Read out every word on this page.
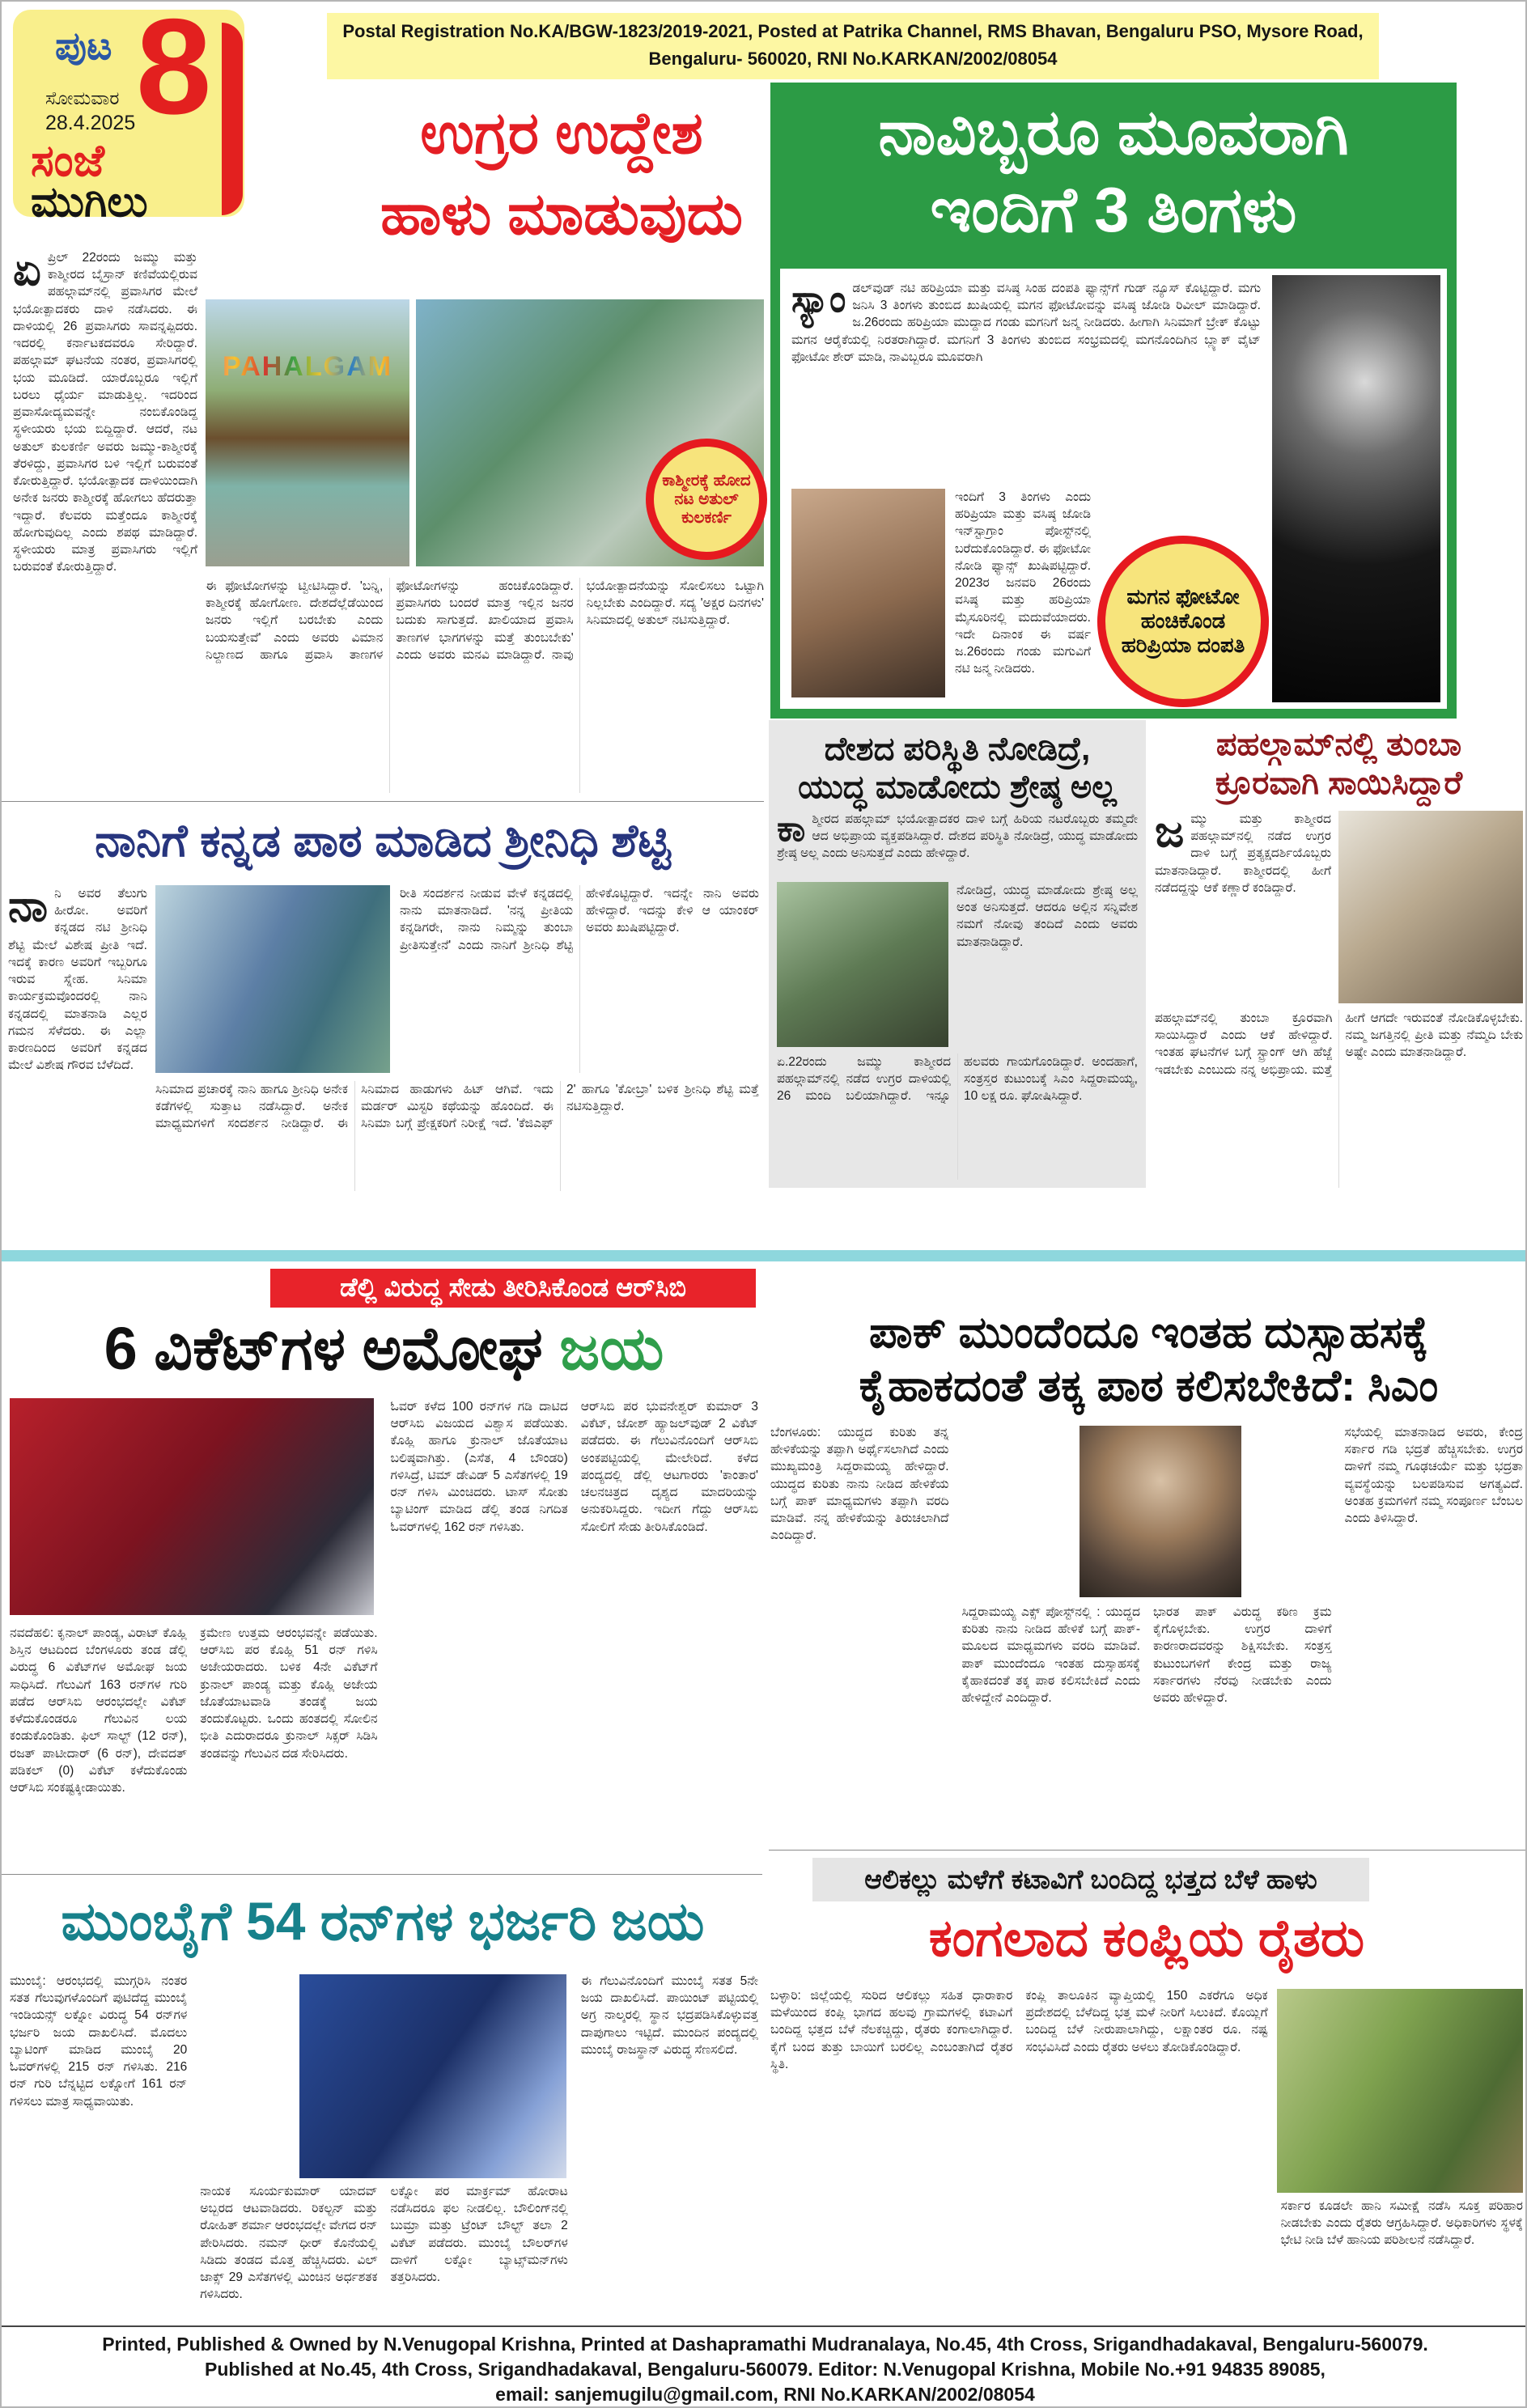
ಪುಟ 8
ಸೋಮವಾರ
28.4.2025
ಸಂಜೆ
ಮುಗಿಲು
Postal Registration No.KA/BGW-1823/2019-2021, Posted at Patrika Channel, RMS Bhavan, Bengaluru PSO, Mysore Road,
Bengaluru- 560020, RNI No.KARKAN/2002/08054
ಉಗ್ರರ ಉದ್ದೇಶ
ಹಾಳು ಮಾಡುವುದು
ಏ ಪ್ರಿಲ್ 22ರಂದು ಜಮ್ಮು ಮತ್ತು ಕಾಶ್ಮೀರದ ಬೈಸ್ರಾನ್ ಕಣಿವೆಯಲ್ಲಿರುವ ಪಹಲ್ಗಾಮ್‌ನಲ್ಲಿ ಪ್ರವಾಸಿಗರ ಮೇಲೆ ಭಯೋತ್ಪಾದಕರು ದಾಳಿ ನಡೆಸಿದರು. ಈ ದಾಳಿಯಲ್ಲಿ 26 ಪ್ರವಾಸಿಗರು ಸಾವನ್ನಪ್ಪಿದರು. ಇದರಲ್ಲಿ ಕರ್ನಾಟಕದವರೂ ಸೇರಿದ್ದಾರೆ. ಪಹಲ್ಗಾಮ್ ಘಟನೆಯ ನಂತರ, ಪ್ರವಾಸಿಗರಲ್ಲಿ ಭಯ ಮೂಡಿದೆ. ಯಾರೊಬ್ಬರೂ ಇಲ್ಲಿಗೆ ಬರಲು ಧೈರ್ಯ ಮಾಡುತ್ತಿಲ್ಲ. ಇದರಿಂದ ಪ್ರವಾಸೋದ್ಯಮವನ್ನೇ ನಂಬಿಕೊಂಡಿದ್ದ ಸ್ಥಳೀಯರು ಭಯ ಬಿದ್ದಿದ್ದಾರೆ. ಆದರೆ, ನಟ ಅತುಲ್ ಕುಲಕರ್ಣಿ ಅವರು ಜಮ್ಮು-ಕಾಶ್ಮೀರಕ್ಕೆ ತೆರಳಿದ್ದು, ಪ್ರವಾಸಿಗರ ಬಳಿ ಇಲ್ಲಿಗೆ ಬರುವಂತೆ ಕೋರುತ್ತಿದ್ದಾರೆ. ಭಯೋತ್ಪಾದಕ ದಾಳಿಯಿಂದಾಗಿ ಅನೇಕ ಜನರು ಕಾಶ್ಮೀರಕ್ಕೆ ಹೋಗಲು ಹೆದರುತ್ತಾ ಇದ್ದಾರೆ. ಕೆಲವರು ಮತ್ತೆಂದೂ ಕಾಶ್ಮೀರಕ್ಕೆ ಹೋಗುವುದಿಲ್ಲ ಎಂದು ಶಪಥ ಮಾಡಿದ್ದಾರೆ. ಸ್ಥಳೀಯರು ಮಾತ್ರ ಪ್ರವಾಸಿಗರು ಇಲ್ಲಿಗೆ ಬರುವಂತೆ ಕೋರುತ್ತಿದ್ದಾರೆ.
PAHALGAM
ಕಾಶ್ಮೀರಕ್ಕೆ ಹೋದ ನಟ ಅತುಲ್ ಕುಲಕರ್ಣಿ
ಈ ಫೋಟೋಗಳನ್ನು ಟ್ವೀಟಿಸಿದ್ದಾರೆ. 'ಬನ್ನಿ, ಕಾಶ್ಮೀರಕ್ಕೆ ಹೋಗೋಣ. ದೇಶದೆಲ್ಲೆಡೆಯಿಂದ ಜನರು ಇಲ್ಲಿಗೆ ಬರಬೇಕು ಎಂದು ಬಯಸುತ್ತೇವೆ' ಎಂದು ಅವರು ವಿಮಾನ ನಿಲ್ದಾಣದ ಹಾಗೂ ಪ್ರವಾಸಿ ತಾಣಗಳ ಫೋಟೋಗಳನ್ನು ಹಂಚಿಕೊಂಡಿದ್ದಾರೆ. ಪ್ರವಾಸಿಗರು ಬಂದರೆ ಮಾತ್ರ ಇಲ್ಲಿನ ಜನರ ಬದುಕು ಸಾಗುತ್ತದೆ. ಖಾಲಿಯಾದ ಪ್ರವಾಸಿ ತಾಣಗಳ ಭಾಗಗಳನ್ನು ಮತ್ತೆ ತುಂಬಬೇಕು' ಎಂದು ಅವರು ಮನವಿ ಮಾಡಿದ್ದಾರೆ. ನಾವು ಭಯೋತ್ಪಾದನೆಯನ್ನು ಸೋಲಿಸಲು ಒಟ್ಟಾಗಿ ನಿಲ್ಲಬೇಕು ಎಂದಿದ್ದಾರೆ. ಸದ್ಯ 'ಅಕ್ಷರ ದಿನಗಳು' ಸಿನಿಮಾದಲ್ಲಿ ಅತುಲ್ ನಟಿಸುತ್ತಿದ್ದಾರೆ.
ನಾವಿಬ್ಬರೂ ಮೂವರಾಗಿ
ಇಂದಿಗೆ 3 ತಿಂಗಳು
ಸ್ಯಾಂ ಡಲ್‌ವುಡ್ ನಟಿ ಹರಿಪ್ರಿಯಾ ಮತ್ತು ವಸಿಷ್ಠ ಸಿಂಹ ದಂಪತಿ ಫ್ಯಾನ್ಸ್‌ಗೆ ಗುಡ್ ನ್ಯೂಸ್ ಕೊಟ್ಟಿದ್ದಾರೆ. ಮಗು ಜನಿಸಿ 3 ತಿಂಗಳು ತುಂಬಿದ ಖುಷಿಯಲ್ಲಿ ಮಗನ ಫೋಟೋವನ್ನು ವಸಿಷ್ಠ ಜೋಡಿ ರಿವೀಲ್ ಮಾಡಿದ್ದಾರೆ. ಜ.26ರಂದು ಹರಿಪ್ರಿಯಾ ಮುದ್ದಾದ ಗಂಡು ಮಗನಿಗೆ ಜನ್ಮ ನೀಡಿದರು. ಹೀಗಾಗಿ ಸಿನಿಮಾಗೆ ಬ್ರೇಕ್ ಕೊಟ್ಟು ಮಗನ ಆರೈಕೆಯಲ್ಲಿ ನಿರತರಾಗಿದ್ದಾರೆ. ಮಗನಿಗೆ 3 ತಿಂಗಳು ತುಂಬಿದ ಸಂಭ್ರಮದಲ್ಲಿ ಮಗನೊಂದಿಗಿನ ಬ್ಲ್ಯಾಕ್ ವೈಟ್ ಫೋಟೋ ಶೇರ್ ಮಾಡಿ, ನಾವಿಬ್ಬರೂ ಮೂವರಾಗಿ
ಇಂದಿಗೆ 3 ತಿಂಗಳು ಎಂದು ಹರಿಪ್ರಿಯಾ ಮತ್ತು ವಸಿಷ್ಠ ಜೋಡಿ ಇನ್‌ಸ್ಟಾಗ್ರಾಂ ಪೋಸ್ಟ್‌ನಲ್ಲಿ ಬರೆದುಕೊಂಡಿದ್ದಾರೆ. ಈ ಫೋಟೋ ನೋಡಿ ಫ್ಯಾನ್ಸ್ ಖುಷಿಪಟ್ಟಿದ್ದಾರೆ. 2023ರ ಜನವರಿ 26ರಂದು ವಸಿಷ್ಠ ಮತ್ತು ಹರಿಪ್ರಿಯಾ ಮೈಸೂರಿನಲ್ಲಿ ಮದುವೆಯಾದರು. ಇದೇ ದಿನಾಂಕ ಈ ವರ್ಷ ಜ.26ರಂದು ಗಂಡು ಮಗುವಿಗೆ ನಟಿ ಜನ್ಮ ನೀಡಿದರು.
ಮಗನ ಫೋಟೋ ಹಂಚಿಕೊಂಡ ಹರಿಪ್ರಿಯಾ ದಂಪತಿ
ನಾನಿಗೆ ಕನ್ನಡ ಪಾಠ ಮಾಡಿದ ಶ್ರೀನಿಧಿ ಶೆಟ್ಟಿ
ನಾ ನಿ ಅವರ ತೆಲುಗು ಹೀರೋ. ಅವರಿಗೆ ಕನ್ನಡದ ನಟಿ ಶ್ರೀನಿಧಿ ಶೆಟ್ಟಿ ಮೇಲೆ ವಿಶೇಷ ಪ್ರೀತಿ ಇದೆ. ಇದಕ್ಕೆ ಕಾರಣ ಅವರಿಗೆ ಇಬ್ಬರಿಗೂ ಇರುವ ಸ್ನೇಹ. ಸಿನಿಮಾ ಕಾರ್ಯಕ್ರಮವೊಂದರಲ್ಲಿ ನಾನಿ ಕನ್ನಡದಲ್ಲಿ ಮಾತನಾಡಿ ಎಲ್ಲರ ಗಮನ ಸೆಳೆದರು. ಈ ಎಲ್ಲಾ ಕಾರಣದಿಂದ ಅವರಿಗೆ ಕನ್ನಡದ ಮೇಲೆ ವಿಶೇಷ ಗೌರವ ಬೆಳೆದಿದೆ.
ರೀತಿ ಸಂದರ್ಶನ ನೀಡುವ ವೇಳೆ ಕನ್ನಡದಲ್ಲಿ ನಾನು ಮಾತನಾಡಿದೆ. 'ನನ್ನ ಪ್ರೀತಿಯ ಕನ್ನಡಿಗರೇ, ನಾನು ನಿಮ್ಮನ್ನು ತುಂಬಾ ಪ್ರೀತಿಸುತ್ತೇನೆ' ಎಂದು ನಾನಿಗೆ ಶ್ರೀನಿಧಿ ಶೆಟ್ಟಿ ಹೇಳಿಕೊಟ್ಟಿದ್ದಾರೆ. ಇದನ್ನೇ ನಾನಿ ಅವರು ಹೇಳಿದ್ದಾರೆ. ಇದನ್ನು ಕೇಳಿ ಆ ಯಾಂಕರ್ ಅವರು ಖುಷಿಪಟ್ಟಿದ್ದಾರೆ.
ಸಿನಿಮಾದ ಪ್ರಚಾರಕ್ಕೆ ನಾನಿ ಹಾಗೂ ಶ್ರೀನಿಧಿ ಅನೇಕ ಕಡೆಗಳಲ್ಲಿ ಸುತ್ತಾಟ ನಡೆಸಿದ್ದಾರೆ. ಅನೇಕ ಮಾಧ್ಯಮಗಳಿಗೆ ಸಂದರ್ಶನ ನೀಡಿದ್ದಾರೆ. ಈ ಸಿನಿಮಾದ ಹಾಡುಗಳು ಹಿಟ್ ಆಗಿವೆ. ಇದು ಮರ್ಡರ್ ಮಿಸ್ಟರಿ ಕಥೆಯನ್ನು ಹೊಂದಿದೆ. ಈ ಸಿನಿಮಾ ಬಗ್ಗೆ ಪ್ರೇಕ್ಷಕರಿಗೆ ನಿರೀಕ್ಷೆ ಇದೆ. 'ಕೆಜಿಎಫ್ 2' ಹಾಗೂ 'ಕೋಬ್ರಾ' ಬಳಿಕ ಶ್ರೀನಿಧಿ ಶೆಟ್ಟಿ ಮತ್ತೆ ನಟಿಸುತ್ತಿದ್ದಾರೆ.
ದೇಶದ ಪರಿಸ್ಥಿತಿ ನೋಡಿದ್ರೆ,
ಯುದ್ಧ ಮಾಡೋದು ಶ್ರೇಷ್ಠ ಅಲ್ಲ
ಕಾ ಶ್ಮೀರದ ಪಹಲ್ಗಾಮ್ ಭಯೋತ್ಪಾದಕರ ದಾಳಿ ಬಗ್ಗೆ ಹಿರಿಯ ನಟರೊಬ್ಬರು ತಮ್ಮದೇ ಆದ ಅಭಿಪ್ರಾಯ ವ್ಯಕ್ತಪಡಿಸಿದ್ದಾರೆ. ದೇಶದ ಪರಿಸ್ಥಿತಿ ನೋಡಿದ್ರೆ, ಯುದ್ಧ ಮಾಡೋದು ಶ್ರೇಷ್ಠ ಅಲ್ಲ ಎಂದು ಅನಿಸುತ್ತದೆ ಎಂದು ಹೇಳಿದ್ದಾರೆ.
ನೋಡಿದ್ರೆ, ಯುದ್ಧ ಮಾಡೋದು ಶ್ರೇಷ್ಠ ಅಲ್ಲ ಅಂತ ಅನಿಸುತ್ತದೆ. ಆದರೂ ಅಲ್ಲಿನ ಸನ್ನಿವೇಶ ನಮಗೆ ನೋವು ತಂದಿದೆ ಎಂದು ಅವರು ಮಾತನಾಡಿದ್ದಾರೆ.
ಏ.22ರಂದು ಜಮ್ಮು ಕಾಶ್ಮೀರದ ಪಹಲ್ಗಾಮ್‌ನಲ್ಲಿ ನಡೆದ ಉಗ್ರರ ದಾಳಿಯಲ್ಲಿ 26 ಮಂದಿ ಬಲಿಯಾಗಿದ್ದಾರೆ. ಇನ್ನೂ ಹಲವರು ಗಾಯಗೊಂಡಿದ್ದಾರೆ. ಅಂದಹಾಗೆ, ಸಂತ್ರಸ್ತರ ಕುಟುಂಬಕ್ಕೆ ಸಿಎಂ ಸಿದ್ದರಾಮಯ್ಯ, 10 ಲಕ್ಷ ರೂ. ಘೋಷಿಸಿದ್ದಾರೆ.
ಪಹಲ್ಗಾಮ್‌ನಲ್ಲಿ ತುಂಬಾ
ಕ್ರೂರವಾಗಿ ಸಾಯಿಸಿದ್ದಾರೆ
ಜ ಮ್ಮು ಮತ್ತು ಕಾಶ್ಮೀರದ ಪಹಲ್ಗಾಮ್‌ನಲ್ಲಿ ನಡೆದ ಉಗ್ರರ ದಾಳಿ ಬಗ್ಗೆ ಪ್ರತ್ಯಕ್ಷದರ್ಶಿಯೊಬ್ಬರು ಮಾತನಾಡಿದ್ದಾರೆ. ಕಾಶ್ಮೀರದಲ್ಲಿ ಹೀಗೆ ನಡೆದದ್ದನ್ನು ಆಕೆ ಕಣ್ಣಾರೆ ಕಂಡಿದ್ದಾರೆ.
ಪಹಲ್ಗಾಮ್‌ನಲ್ಲಿ ತುಂಬಾ ಕ್ರೂರವಾಗಿ ಸಾಯಿಸಿದ್ದಾರೆ ಎಂದು ಆಕೆ ಹೇಳಿದ್ದಾರೆ. ಇಂತಹ ಘಟನೆಗಳ ಬಗ್ಗೆ ಸ್ಟ್ರಾಂಗ್ ಆಗಿ ಹೆಜ್ಜೆ ಇಡಬೇಕು ಎಂಬುದು ನನ್ನ ಅಭಿಪ್ರಾಯ. ಮತ್ತೆ ಹೀಗೆ ಆಗದೇ ಇರುವಂತೆ ನೋಡಿಕೊಳ್ಳಬೇಕು. ನಮ್ಮ ಜಗತ್ತಿನಲ್ಲಿ ಪ್ರೀತಿ ಮತ್ತು ನೆಮ್ಮದಿ ಬೇಕು ಅಷ್ಟೇ ಎಂದು ಮಾತನಾಡಿದ್ದಾರೆ.
ಡೆಲ್ಲಿ ವಿರುದ್ಧ ಸೇಡು ತೀರಿಸಿಕೊಂಡ ಆರ್‌ಸಿಬಿ
6 ವಿಕೆಟ್‌ಗಳ ಅಮೋಘ ಜಯ
ನವದೆಹಲಿ: ಕೃನಾಲ್ ಪಾಂಡ್ಯ, ವಿರಾಟ್ ಕೊಹ್ಲಿ ಶಿಸ್ತಿನ ಆಟದಿಂದ ಬೆಂಗಳೂರು ತಂಡ ಡೆಲ್ಲಿ ವಿರುದ್ಧ 6 ವಿಕೆಟ್‌ಗಳ ಅಮೋಘ ಜಯ ಸಾಧಿಸಿದೆ. ಗೆಲುವಿಗೆ 163 ರನ್‌ಗಳ ಗುರಿ ಪಡೆದ ಆರ್‌ಸಿಬಿ ಆರಂಭದಲ್ಲೇ ವಿಕೆಟ್ ಕಳೆದುಕೊಂಡರೂ ಗೆಲುವಿನ ಲಯ ಕಂಡುಕೊಂಡಿತು. ಫಿಲ್ ಸಾಲ್ಟ್ (12 ರನ್), ರಜತ್ ಪಾಟೀದಾರ್ (6 ರನ್), ದೇವದತ್ ಪಡಿಕಲ್ (0) ವಿಕೆಟ್ ಕಳೆದುಕೊಂಡು ಆರ್‌ಸಿಬಿ ಸಂಕಷ್ಟಕ್ಕೀಡಾಯಿತು.
ಕ್ರಮೇಣ ಉತ್ತಮ ಆರಂಭವನ್ನೇ ಪಡೆಯಿತು. ಆರ್‌ಸಿಬಿ ಪರ ಕೊಹ್ಲಿ 51 ರನ್ ಗಳಿಸಿ ಅಜೇಯರಾದರು. ಬಳಿಕ 4ನೇ ವಿಕೆಟ್‌ಗೆ ಕ್ರುನಾಲ್ ಪಾಂಡ್ಯ ಮತ್ತು ಕೊಹ್ಲಿ ಅಜೇಯ ಜೊತೆಯಾಟವಾಡಿ ತಂಡಕ್ಕೆ ಜಯ ತಂದುಕೊಟ್ಟರು. ಒಂದು ಹಂತದಲ್ಲಿ ಸೋಲಿನ ಭೀತಿ ಎದುರಾದರೂ ಕ್ರುನಾಲ್ ಸಿಕ್ಸರ್ ಸಿಡಿಸಿ ತಂಡವನ್ನು ಗೆಲುವಿನ ದಡ ಸೇರಿಸಿದರು.
ಓವರ್ ಕಳೆದ 100 ರನ್‌ಗಳ ಗಡಿ ದಾಟಿದ ಆರ್‌ಸಿಬಿ ವಿಜಯದ ವಿಶ್ವಾಸ ಪಡೆಯಿತು. ಕೊಹ್ಲಿ ಹಾಗೂ ಕ್ರುನಾಲ್ ಜೊತೆಯಾಟ ಬಲಿಷ್ಠವಾಗಿತ್ತು. (ಎಸೆತ, 4 ಬೌಂಡರಿ) ಗಳಿಸಿದ್ರೆ, ಟಿಮ್ ಡೇವಿಡ್ 5 ಎಸೆತಗಳಲ್ಲಿ 19 ರನ್ ಗಳಿಸಿ ಮಿಂಚಿದರು. ಟಾಸ್ ಸೋತು ಬ್ಯಾಟಿಂಗ್ ಮಾಡಿದ ಡೆಲ್ಲಿ ತಂಡ ನಿಗದಿತ ಓವರ್‌ಗಳಲ್ಲಿ 162 ರನ್ ಗಳಿಸಿತು.
ಆರ್‌ಸಿಬಿ ಪರ ಭುವನೇಶ್ವರ್ ಕುಮಾರ್ 3 ವಿಕೆಟ್, ಜೋಶ್ ಹ್ಯಾಜಲ್‌ವುಡ್ 2 ವಿಕೆಟ್ ಪಡೆದರು. ಈ ಗೆಲುವಿನೊಂದಿಗೆ ಆರ್‌ಸಿಬಿ ಅಂಕಪಟ್ಟಿಯಲ್ಲಿ ಮೇಲೇರಿದೆ. ಕಳೆದ ಪಂದ್ಯದಲ್ಲಿ ಡೆಲ್ಲಿ ಆಟಗಾರರು 'ಕಾಂತಾರ' ಚಲನಚಿತ್ರದ ದೃಶ್ಯದ ಮಾದರಿಯನ್ನು ಅನುಕರಿಸಿದ್ದರು. ಇದೀಗ ಗೆದ್ದು ಆರ್‌ಸಿಬಿ ಸೋಲಿಗೆ ಸೇಡು ತೀರಿಸಿಕೊಂಡಿದೆ.
ಪಾಕ್ ಮುಂದೆಂದೂ ಇಂತಹ ದುಸ್ಸಾಹಸಕ್ಕೆ
ಕೈಹಾಕದಂತೆ ತಕ್ಕ ಪಾಠ ಕಲಿಸಬೇಕಿದೆ: ಸಿಎಂ
ಬೆಂಗಳೂರು: ಯುದ್ಧದ ಕುರಿತು ತನ್ನ ಹೇಳಿಕೆಯನ್ನು ತಪ್ಪಾಗಿ ಅರ್ಥೈಸಲಾಗಿದೆ ಎಂದು ಮುಖ್ಯಮಂತ್ರಿ ಸಿದ್ದರಾಮಯ್ಯ ಹೇಳಿದ್ದಾರೆ. ಯುದ್ಧದ ಕುರಿತು ನಾನು ನೀಡಿದ ಹೇಳಿಕೆಯ ಬಗ್ಗೆ ಪಾಕ್ ಮಾಧ್ಯಮಗಳು ತಪ್ಪಾಗಿ ವರದಿ ಮಾಡಿವೆ. ನನ್ನ ಹೇಳಿಕೆಯನ್ನು ತಿರುಚಲಾಗಿದೆ ಎಂದಿದ್ದಾರೆ.
ಸಿದ್ದರಾಮಯ್ಯ ಎಕ್ಸ್ ಪೋಸ್ಟ್‌ನಲ್ಲಿ : ಯುದ್ಧದ ಕುರಿತು ನಾನು ನೀಡಿದ ಹೇಳಿಕೆ ಬಗ್ಗೆ ಪಾಕ್-ಮೂಲದ ಮಾಧ್ಯಮಗಳು ವರದಿ ಮಾಡಿವೆ. ಪಾಕ್ ಮುಂದೆಂದೂ ಇಂತಹ ದುಸ್ಸಾಹಸಕ್ಕೆ ಕೈಹಾಕದಂತೆ ತಕ್ಕ ಪಾಠ ಕಲಿಸಬೇಕಿದೆ ಎಂದು ಹೇಳಿದ್ದೇನೆ ಎಂದಿದ್ದಾರೆ.
ಭಾರತ ಪಾಕ್ ವಿರುದ್ಧ ಕಠಿಣ ಕ್ರಮ ಕೈಗೊಳ್ಳಬೇಕು. ಉಗ್ರರ ದಾಳಿಗೆ ಕಾರಣರಾದವರನ್ನು ಶಿಕ್ಷಿಸಬೇಕು. ಸಂತ್ರಸ್ತ ಕುಟುಂಬಗಳಿಗೆ ಕೇಂದ್ರ ಮತ್ತು ರಾಜ್ಯ ಸರ್ಕಾರಗಳು ನೆರವು ನೀಡಬೇಕು ಎಂದು ಅವರು ಹೇಳಿದ್ದಾರೆ.
ಸಭೆಯಲ್ಲಿ ಮಾತನಾಡಿದ ಅವರು, ಕೇಂದ್ರ ಸರ್ಕಾರ ಗಡಿ ಭದ್ರತೆ ಹೆಚ್ಚಿಸಬೇಕು. ಉಗ್ರರ ದಾಳಿಗೆ ನಮ್ಮ ಗೂಢಚರ್ಯೆ ಮತ್ತು ಭದ್ರತಾ ವ್ಯವಸ್ಥೆಯನ್ನು ಬಲಪಡಿಸುವ ಅಗತ್ಯವಿದೆ. ಅಂತಹ ಕ್ರಮಗಳಿಗೆ ನಮ್ಮ ಸಂಪೂರ್ಣ ಬೆಂಬಲ ಎಂದು ತಿಳಿಸಿದ್ದಾರೆ.
ಮುಂಬೈಗೆ 54 ರನ್‌ಗಳ ಭರ್ಜರಿ ಜಯ
ಮುಂಬೈ: ಆರಂಭದಲ್ಲಿ ಮುಗ್ಗರಿಸಿ ನಂತರ ಸತತ ಗೆಲುವುಗಳೊಂದಿಗೆ ಪುಟಿದೆದ್ದ ಮುಂಬೈ ಇಂಡಿಯನ್ಸ್ ಲಕ್ನೋ ವಿರುದ್ಧ 54 ರನ್‌ಗಳ ಭರ್ಜರಿ ಜಯ ದಾಖಲಿಸಿದೆ. ಮೊದಲು ಬ್ಯಾಟಿಂಗ್ ಮಾಡಿದ ಮುಂಬೈ 20 ಓವರ್‌ಗಳಲ್ಲಿ 215 ರನ್ ಗಳಿಸಿತು. 216 ರನ್ ಗುರಿ ಬೆನ್ನಟ್ಟಿದ ಲಕ್ನೋಗೆ 161 ರನ್ ಗಳಿಸಲು ಮಾತ್ರ ಸಾಧ್ಯವಾಯಿತು.
ನಾಯಕ ಸೂರ್ಯಕುಮಾರ್ ಯಾದವ್ ಅಬ್ಬರದ ಆಟವಾಡಿದರು. ರಿಕಲ್ಟನ್ ಮತ್ತು ರೋಹಿತ್ ಶರ್ಮಾ ಆರಂಭದಲ್ಲೇ ವೇಗದ ರನ್ ಪೇರಿಸಿದರು. ನಮನ್ ಧೀರ್ ಕೊನೆಯಲ್ಲಿ ಸಿಡಿದು ತಂಡದ ಮೊತ್ತ ಹೆಚ್ಚಿಸಿದರು. ವಿಲ್ ಜಾಕ್ಸ್ 29 ಎಸೆತಗಳಲ್ಲಿ ಮಿಂಚಿನ ಅರ್ಧಶತಕ ಗಳಿಸಿದರು.
ಲಕ್ನೋ ಪರ ಮಾರ್ಕ್ರಮ್ ಹೋರಾಟ ನಡೆಸಿದರೂ ಫಲ ನೀಡಲಿಲ್ಲ. ಬೌಲಿಂಗ್‌ನಲ್ಲಿ ಬುಮ್ರಾ ಮತ್ತು ಟ್ರೆಂಟ್ ಬೌಲ್ಟ್ ತಲಾ 2 ವಿಕೆಟ್ ಪಡೆದರು. ಮುಂಬೈ ಬೌಲರ್‌ಗಳ ದಾಳಿಗೆ ಲಕ್ನೋ ಬ್ಯಾಟ್ಸ್‌ಮನ್‌ಗಳು ತತ್ತರಿಸಿದರು.
ಈ ಗೆಲುವಿನೊಂದಿಗೆ ಮುಂಬೈ ಸತತ 5ನೇ ಜಯ ದಾಖಲಿಸಿದೆ. ಪಾಯಿಂಟ್ ಪಟ್ಟಿಯಲ್ಲಿ ಅಗ್ರ ನಾಲ್ಕರಲ್ಲಿ ಸ್ಥಾನ ಭದ್ರಪಡಿಸಿಕೊಳ್ಳುವತ್ತ ದಾಪುಗಾಲು ಇಟ್ಟಿದೆ. ಮುಂದಿನ ಪಂದ್ಯದಲ್ಲಿ ಮುಂಬೈ ರಾಜಸ್ಥಾನ್ ವಿರುದ್ಧ ಸೆಣಸಲಿದೆ.
ಆಲಿಕಲ್ಲು ಮಳೆಗೆ ಕಟಾವಿಗೆ ಬಂದಿದ್ದ ಭತ್ತದ ಬೆಳೆ ಹಾಳು
ಕಂಗಲಾದ ಕಂಪ್ಲಿಯ ರೈತರು
ಬಳ್ಳಾರಿ: ಜಿಲ್ಲೆಯಲ್ಲಿ ಸುರಿದ ಆಲಿಕಲ್ಲು ಸಹಿತ ಧಾರಾಕಾರ ಮಳೆಯಿಂದ ಕಂಪ್ಲಿ ಭಾಗದ ಹಲವು ಗ್ರಾಮಗಳಲ್ಲಿ ಕಟಾವಿಗೆ ಬಂದಿದ್ದ ಭತ್ತದ ಬೆಳೆ ನೆಲಕಚ್ಚಿದ್ದು, ರೈತರು ಕಂಗಾಲಾಗಿದ್ದಾರೆ. ಕೈಗೆ ಬಂದ ತುತ್ತು ಬಾಯಿಗೆ ಬರಲಿಲ್ಲ ಎಂಬಂತಾಗಿದೆ ರೈತರ ಸ್ಥಿತಿ.
ಕಂಪ್ಲಿ ತಾಲೂಕಿನ ವ್ಯಾಪ್ತಿಯಲ್ಲಿ 150 ಎಕರೆಗೂ ಅಧಿಕ ಪ್ರದೇಶದಲ್ಲಿ ಬೆಳೆದಿದ್ದ ಭತ್ತ ಮಳೆ ನೀರಿಗೆ ಸಿಲುಕಿದೆ. ಕೊಯ್ಲಿಗೆ ಬಂದಿದ್ದ ಬೆಳೆ ನೀರುಪಾಲಾಗಿದ್ದು, ಲಕ್ಷಾಂತರ ರೂ. ನಷ್ಟ ಸಂಭವಿಸಿದೆ ಎಂದು ರೈತರು ಅಳಲು ತೋಡಿಕೊಂಡಿದ್ದಾರೆ.
ಸರ್ಕಾರ ಕೂಡಲೇ ಹಾನಿ ಸಮೀಕ್ಷೆ ನಡೆಸಿ ಸೂಕ್ತ ಪರಿಹಾರ ನೀಡಬೇಕು ಎಂದು ರೈತರು ಆಗ್ರಹಿಸಿದ್ದಾರೆ. ಅಧಿಕಾರಿಗಳು ಸ್ಥಳಕ್ಕೆ ಭೇಟಿ ನೀಡಿ ಬೆಳೆ ಹಾನಿಯ ಪರಿಶೀಲನೆ ನಡೆಸಿದ್ದಾರೆ.
Printed, Published & Owned by N.Venugopal Krishna, Printed at Dashapramathi Mudranalaya, No.45, 4th Cross, Srigandhadakaval, Bengaluru-560079.
Published at No.45, 4th Cross, Srigandhadakaval, Bengaluru-560079. Editor: N.Venugopal Krishna, Mobile No.+91 94835 89085,
email: sanjemugilu@gmail.com, RNI No.KARKAN/2002/08054
